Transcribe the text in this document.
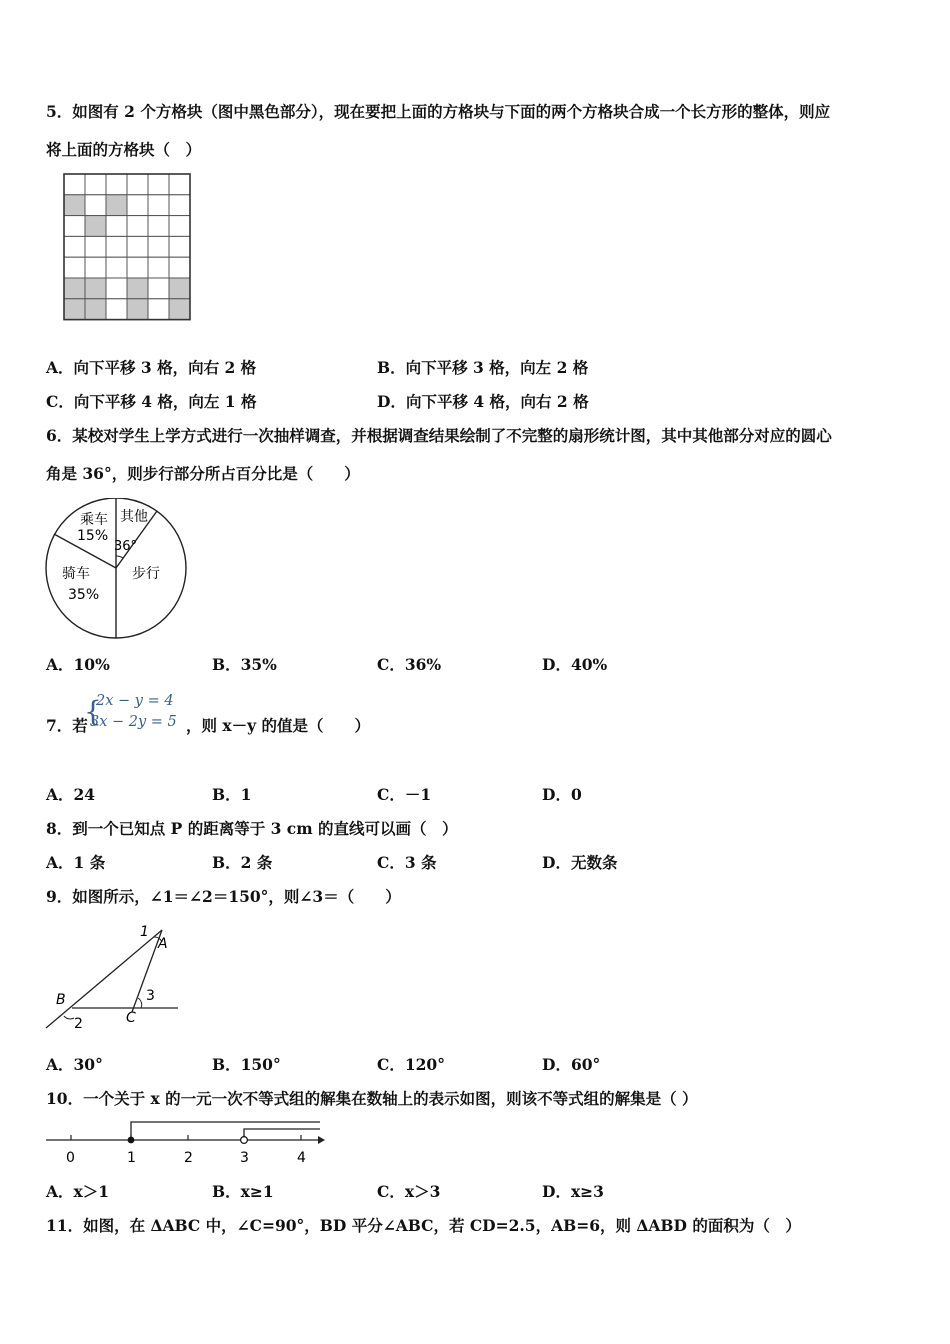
5．如图有 2 个方格块（图中黑色部分），现在要把上面的方格块与下面的两个方格块合成一个长方形的整体，则应
将上面的方格块（　）
A．向下平移 3 格，向右 2 格	B．向下平移 3 格，向左 2 格
C．向下平移 4 格，向左 1 格	D．向下平移 4 格，向右 2 格
6．某校对学生上学方式进行一次抽样调查，并根据调查结果绘制了不完整的扇形统计图，其中其他部分对应的圆心
角是 36°，则步行部分所占百分比是（　　）
乘车
15%
其他
36°
骑车
35%
步行
A．10%	B．35%	C．36%	D．40%
7．若
{
2x − y = 4
3x − 2y = 5 ，则 x－y 的值是（　　）
A．24	B．1	C．－1	D．0
8．到一个已知点 P 的距离等于 3 cm 的直线可以画（　）
A．1 条	B．2 条	C．3 条	D．无数条
9．如图所示，∠1＝∠2＝150°，则∠3＝（　　）
1
A
B
2	C
3
A．30°	B．150°	C．120°	D．60°
10．一个关于 x 的一元一次不等式组的解集在数轴上的表示如图，则该不等式组的解集是（ ）
0	1	2	3	4
A．x＞1	B．x≥1	C．x＞3	D．x≥3
11．如图，在 ΔABC 中，∠C=90°，BD 平分∠ABC，若 CD=2.5，AB=6，则 ΔABD 的面积为（　）
